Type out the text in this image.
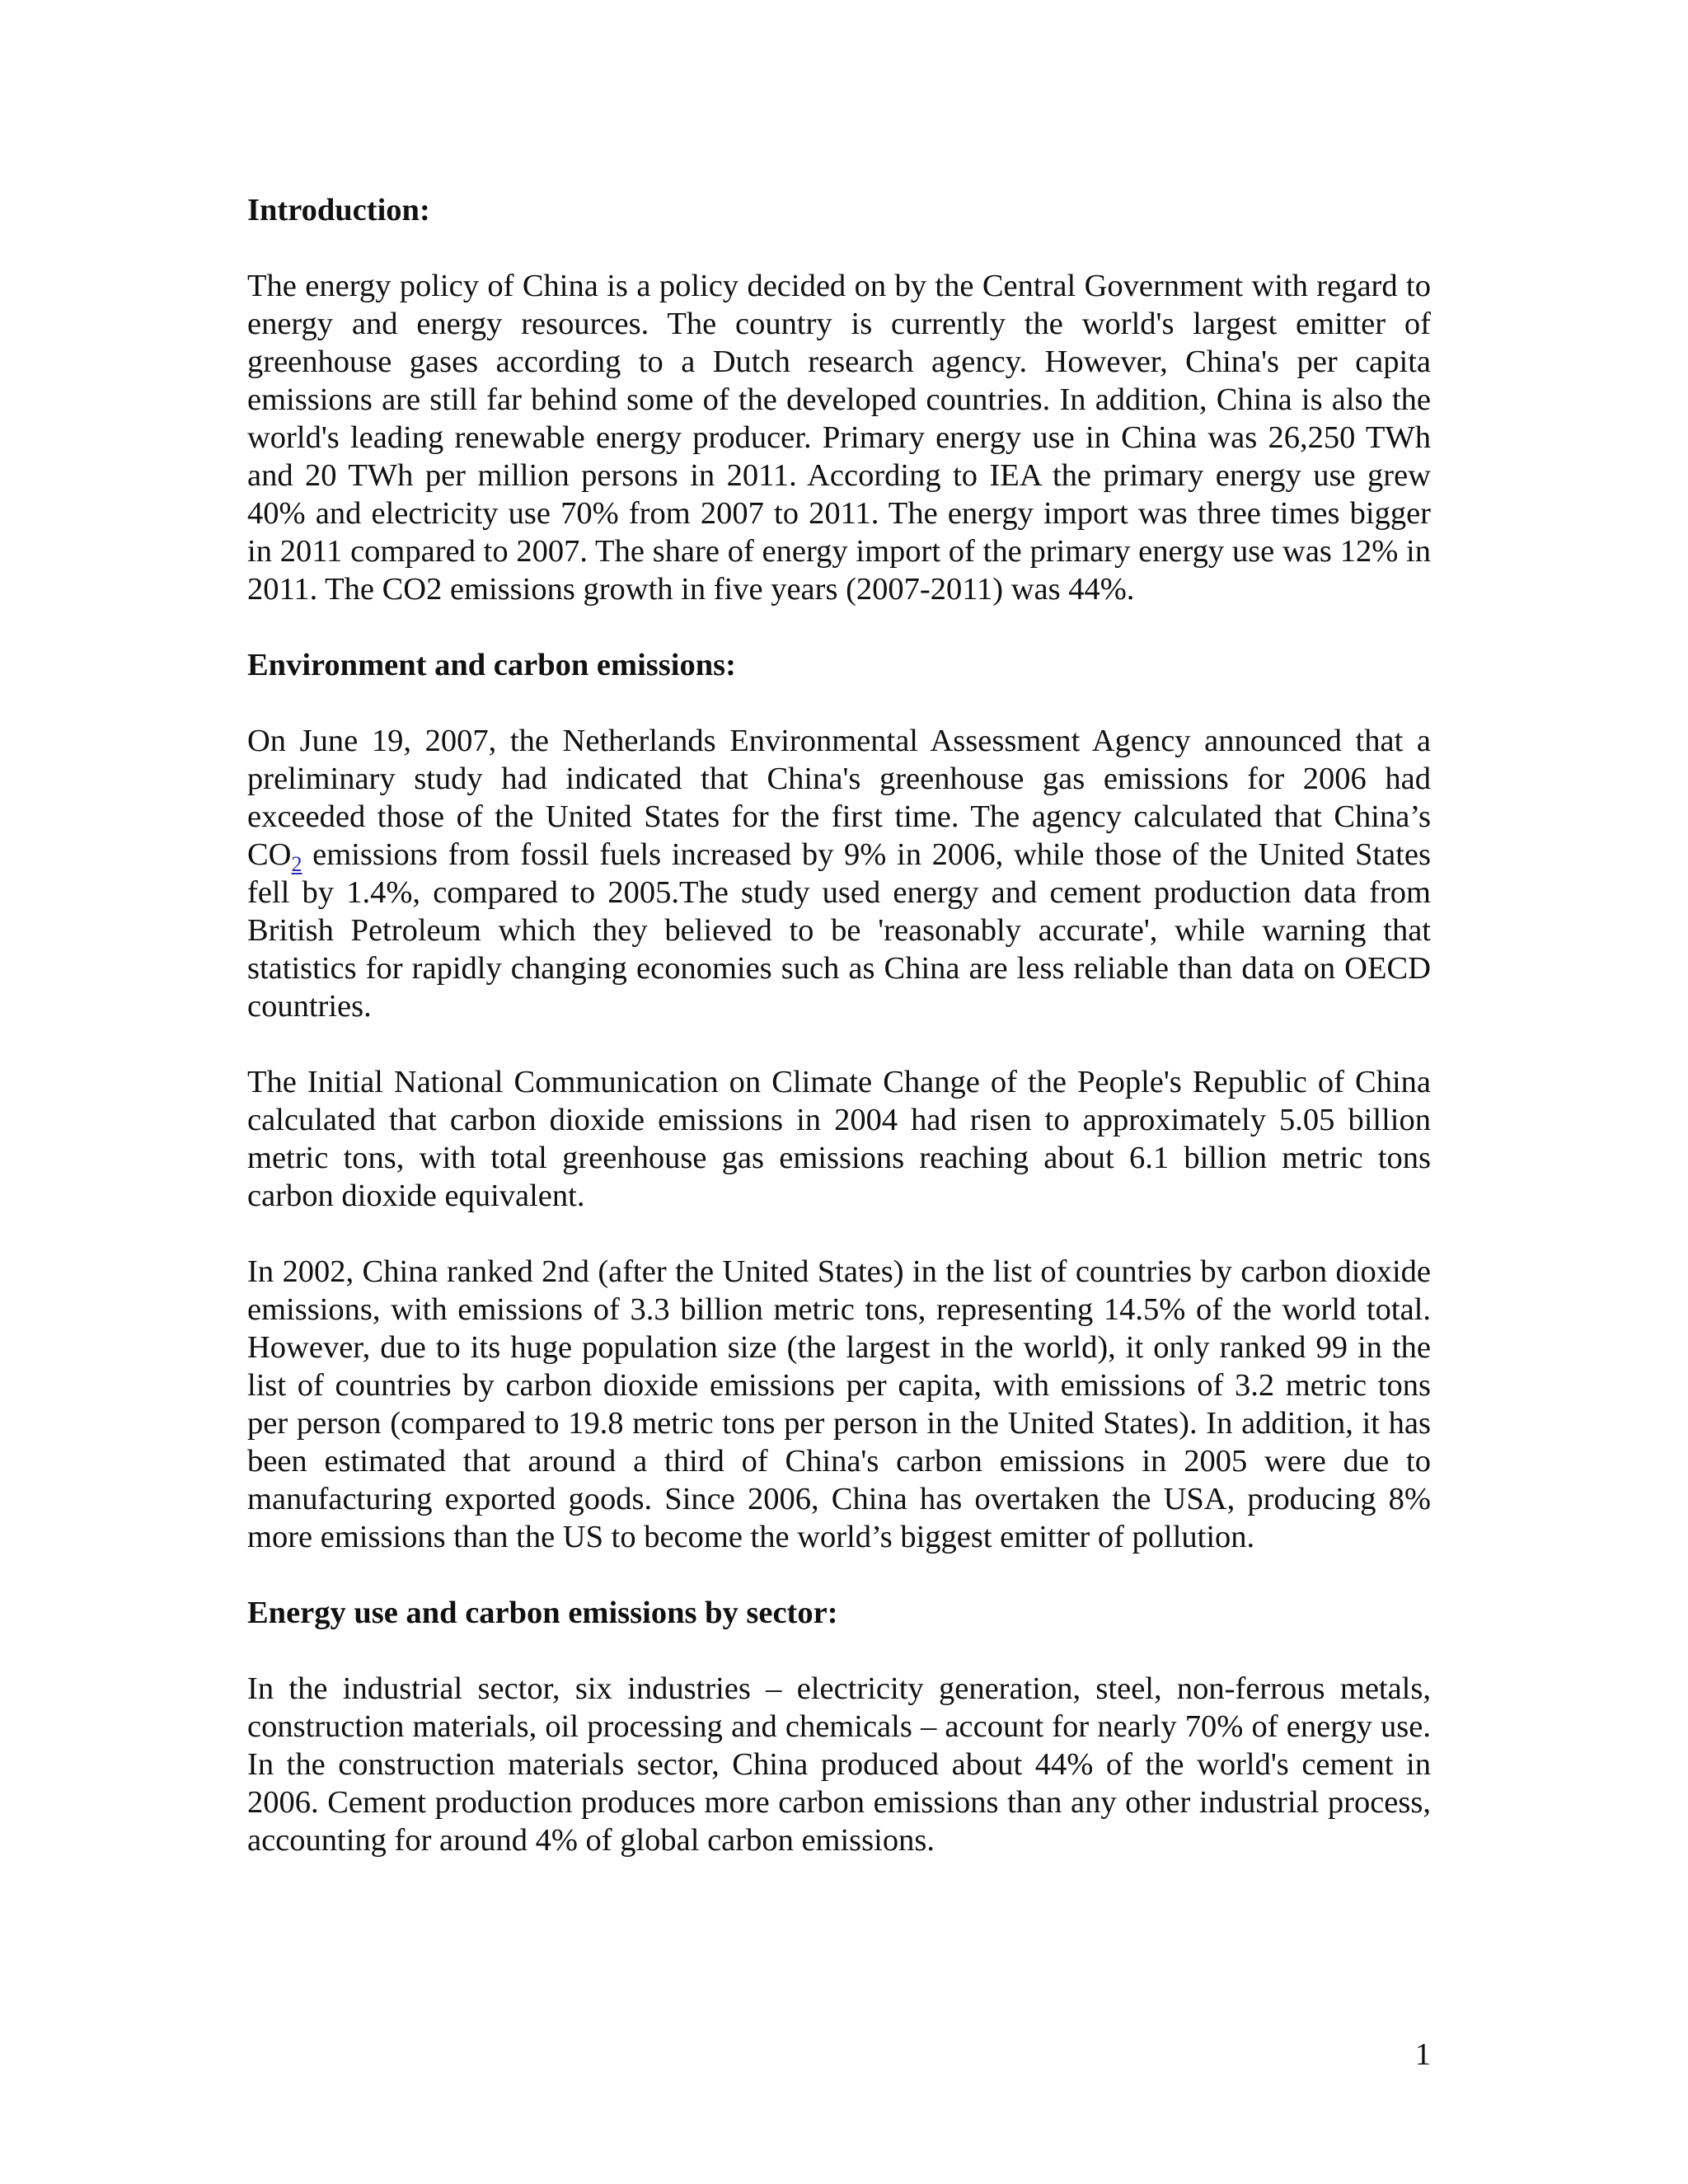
Introduction:

The energy policy of China is a policy decided on by the Central Government with regard to energy and energy resources. The country is currently the world's largest emitter of greenhouse gases according to a Dutch research agency. However, China's per capita emissions are still far behind some of the developed countries. In addition, China is also the world's leading renewable energy producer. Primary energy use in China was 26,250 TWh and 20 TWh per million persons in 2011. According to IEA the primary energy use grew 40% and electricity use 70% from 2007 to 2011. The energy import was three times bigger in 2011 compared to 2007. The share of energy import of the primary energy use was 12% in 2011. The CO2 emissions growth in five years (2007-2011) was 44%.

Environment and carbon emissions:

On June 19, 2007, the Netherlands Environmental Assessment Agency announced that a preliminary study had indicated that China's greenhouse gas emissions for 2006 had exceeded those of the United States for the first time. The agency calculated that China’s $CO_2$ emissions from fossil fuels increased by 9% in 2006, while those of the United States fell by 1.4%, compared to 2005.The study used energy and cement production data from British Petroleum which they believed to be 'reasonably accurate', while warning that statistics for rapidly changing economies such as China are less reliable than data on OECD countries.

The Initial National Communication on Climate Change of the People's Republic of China calculated that carbon dioxide emissions in 2004 had risen to approximately 5.05 billion metric tons, with total greenhouse gas emissions reaching about 6.1 billion metric tons carbon dioxide equivalent.

In 2002, China ranked 2nd (after the United States) in the list of countries by carbon dioxide emissions, with emissions of 3.3 billion metric tons, representing 14.5% of the world total. However, due to its huge population size (the largest in the world), it only ranked 99 in the list of countries by carbon dioxide emissions per capita, with emissions of 3.2 metric tons per person (compared to 19.8 metric tons per person in the United States). In addition, it has been estimated that around a third of China's carbon emissions in 2005 were due to manufacturing exported goods. Since 2006, China has overtaken the USA, producing 8% more emissions than the US to become the world’s biggest emitter of pollution.

Energy use and carbon emissions by sector:

In the industrial sector, six industries – electricity generation, steel, non-ferrous metals, construction materials, oil processing and chemicals – account for nearly 70% of energy use. In the construction materials sector, China produced about 44% of the world's cement in 2006. Cement production produces more carbon emissions than any other industrial process, accounting for around 4% of global carbon emissions.

1
